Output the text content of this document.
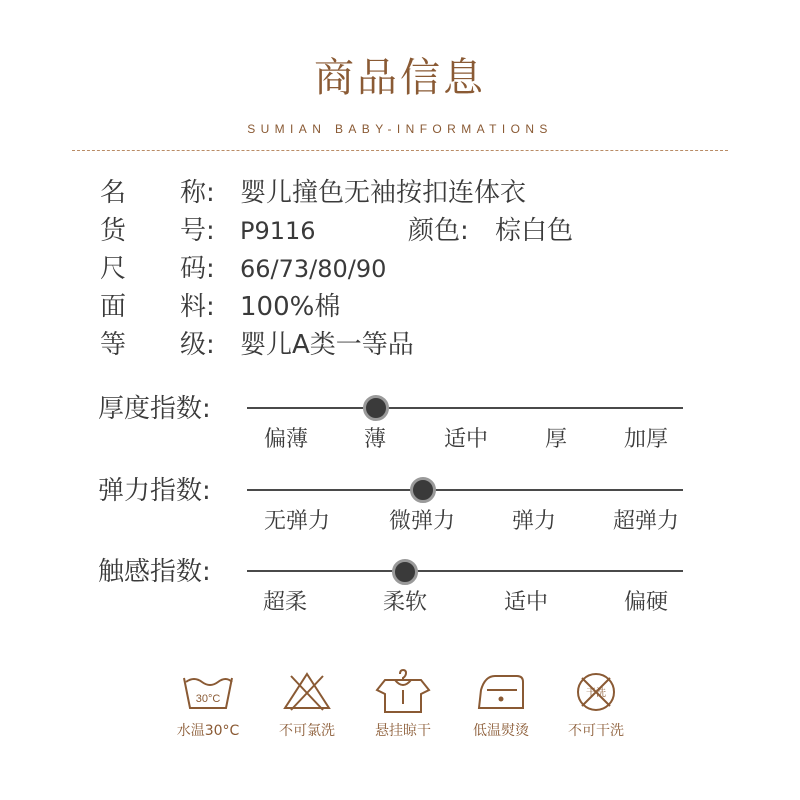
商品信息
SUMIAN BABY-INFORMATIONS
名 称: 婴儿撞色无袖按扣连体衣
货 号: P9116	颜色: 棕白色
尺 码: 66/73/80/90
面 料: 100%棉
等 级: 婴儿A类一等品
厚度指数:
偏薄	薄	适中	厚	加厚
弹力指数:
无弹力	微弹力	弹力	超弹力
触感指数:
超柔	柔软	适中	偏硬
30°C
水温30°C	不可氯洗	悬挂晾干	低温熨烫
干洗
不可干洗
